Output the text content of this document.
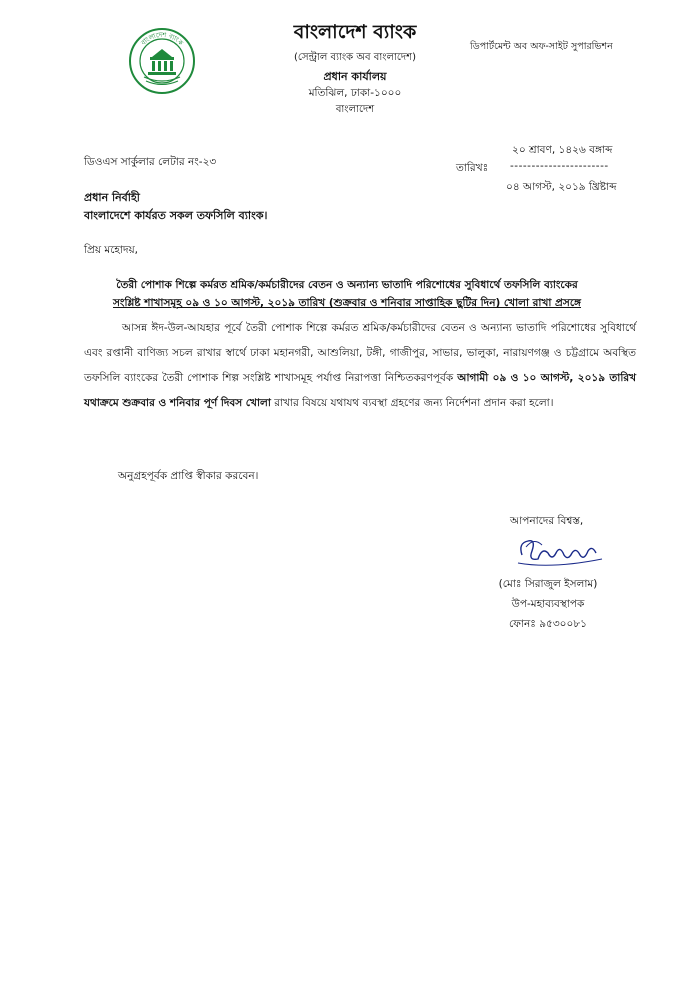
বাংলাদেশ ব্যাংক	বাংলাদেশ ব্যাংক
(সেন্ট্রাল ব্যাংক অব বাংলাদেশ)
প্রধান কার্যালয়
মতিঝিল, ঢাকা-১০০০
বাংলাদেশ
ডিপার্টমেন্ট অব অফ-সাইট সুপারভিশন
ডিওএস সার্কুলার লেটার নং-২৩
২০ শ্রাবণ, ১৪২৬ বঙ্গাব্দ
তারিখঃ -----------------------
০৪ আগস্ট, ২০১৯ খ্রিষ্টাব্দ
প্রধান নির্বাহী
বাংলাদেশে কার্যরত সকল তফসিলি ব্যাংক।
প্রিয় মহোদয়,
তৈরী পোশাক শিল্পে কর্মরত শ্রমিক/কর্মচারীদের বেতন ও অন্যান্য ভাতাদি পরিশোধের সুবিধার্থে তফসিলি ব্যাংকের
সংশ্লিষ্ট শাখাসমূহ ০৯ ও ১০ আগস্ট, ২০১৯ তারিখ (শুক্রবার ও শনিবার সাপ্তাহিক ছুটির দিন) খোলা রাখা প্রসঙ্গে

আসন্ন ঈদ-উল-আযহার পূর্বে তৈরী পোশাক শিল্পে কর্মরত শ্রমিক/কর্মচারীদের বেতন ও অন্যান্য ভাতাদি পরিশোধের সুবিধার্থে এবং রপ্তানী বাণিজ্য সচল রাখার স্বার্থে ঢাকা মহানগরী, আশুলিয়া, টঙ্গী, গাজীপুর, সাভার, ভালুকা, নারায়ণগঞ্জ ও চট্টগ্রামে অবস্থিত তফসিলি ব্যাংকের তৈরী পোশাক শিল্প সংশ্লিষ্ট শাখাসমূহ পর্যাপ্ত নিরাপত্তা নিশ্চিতকরণপূর্বক আগামী ০৯ ও ১০ আগস্ট, ২০১৯ তারিখ যথাক্রমে শুক্রবার ও শনিবার পূর্ণ দিবস খোলা রাখার বিষয়ে যথাযথ ব্যবস্থা গ্রহণের জন্য নির্দেশনা প্রদান করা হলো।

অনুগ্রহপূর্বক প্রাপ্তি স্বীকার করবেন।
আপনাদের বিশ্বস্ত,
(মোঃ সিরাজুল ইসলাম)
উপ-মহাব্যবস্থাপক
ফোনঃ ৯৫৩০০৮১
